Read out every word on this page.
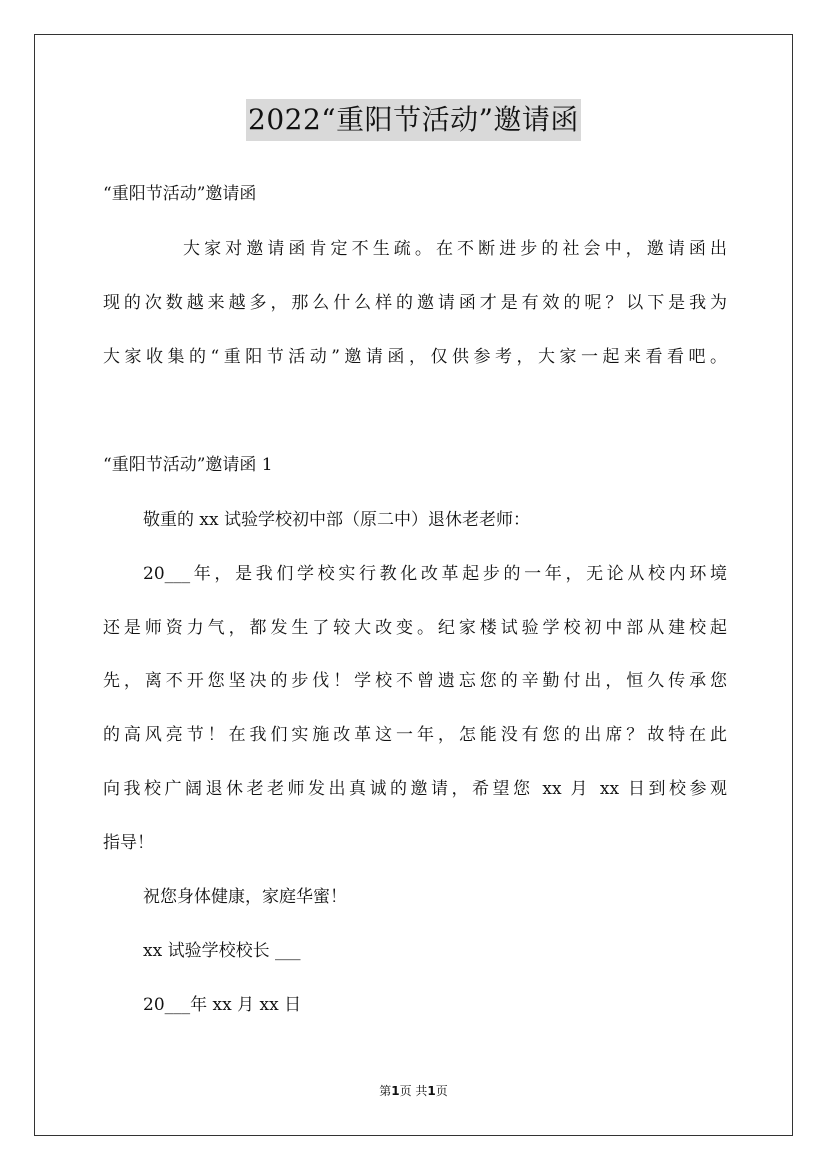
2022“重阳节活动”邀请函
“重阳节活动”邀请函
大家对邀请函肯定不生疏。在不断进步的社会中，邀请函出
现的次数越来越多，那么什么样的邀请函才是有效的呢？以下是我为
大家收集的“重阳节活动”邀请函，仅供参考，大家一起来看看吧。
“重阳节活动”邀请函 1
敬重的 xx 试验学校初中部（原二中）退休老老师：
20___年，是我们学校实行教化改革起步的一年，无论从校内环境
还是师资力气，都发生了较大改变。纪家楼试验学校初中部从建校起
先，离不开您坚决的步伐！学校不曾遗忘您的辛勤付出，恒久传承您
的高风亮节！在我们实施改革这一年，怎能没有您的出席？故特在此
向我校广阔退休老老师发出真诚的邀请，希望您 xx 月 xx 日到校参观
指导！
祝您身体健康，家庭华蜜！
xx 试验学校校长 ___
20___年 xx 月 xx 日
第1页 共1页
